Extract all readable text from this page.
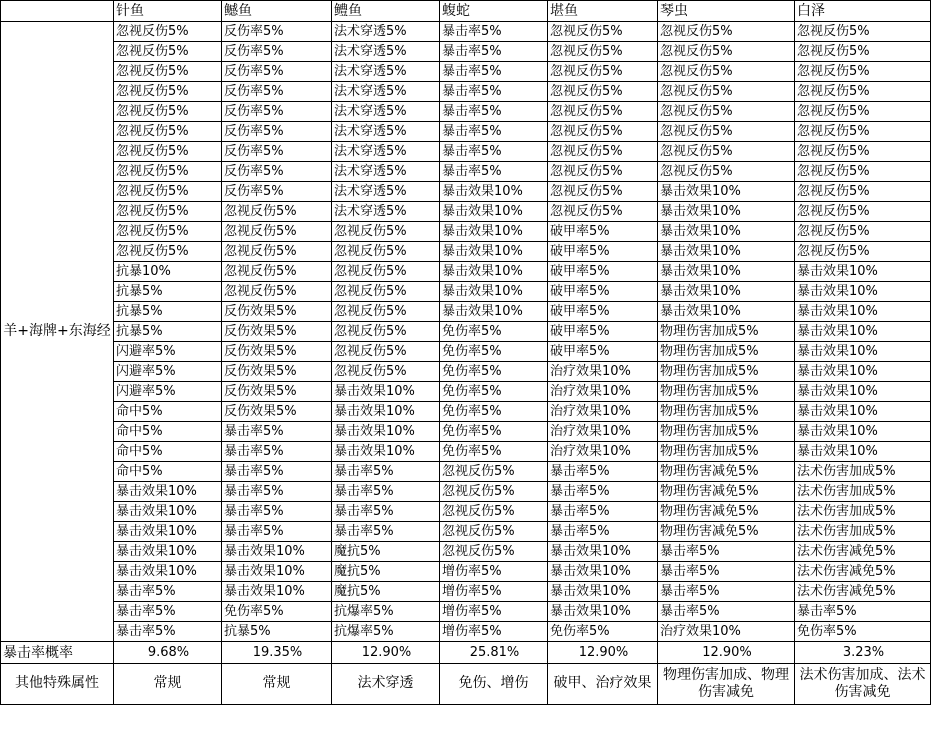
	针鱼	鳡鱼	鳢鱼	蝮蛇	堪鱼	琴虫	白泽
羊+海牌+东海经	忽视反伤5%	反伤率5%	法术穿透5%	暴击率5%	忽视反伤5%	忽视反伤5%	忽视反伤5%
	忽视反伤5%	反伤率5%	法术穿透5%	暴击率5%	忽视反伤5%	忽视反伤5%	忽视反伤5%
	忽视反伤5%	反伤率5%	法术穿透5%	暴击率5%	忽视反伤5%	忽视反伤5%	忽视反伤5%
	忽视反伤5%	反伤率5%	法术穿透5%	暴击率5%	忽视反伤5%	忽视反伤5%	忽视反伤5%
	忽视反伤5%	反伤率5%	法术穿透5%	暴击率5%	忽视反伤5%	忽视反伤5%	忽视反伤5%
	忽视反伤5%	反伤率5%	法术穿透5%	暴击率5%	忽视反伤5%	忽视反伤5%	忽视反伤5%
	忽视反伤5%	反伤率5%	法术穿透5%	暴击率5%	忽视反伤5%	忽视反伤5%	忽视反伤5%
	忽视反伤5%	反伤率5%	法术穿透5%	暴击率5%	忽视反伤5%	忽视反伤5%	忽视反伤5%
	忽视反伤5%	反伤率5%	法术穿透5%	暴击效果10%	忽视反伤5%	暴击效果10%	忽视反伤5%
	忽视反伤5%	忽视反伤5%	法术穿透5%	暴击效果10%	忽视反伤5%	暴击效果10%	忽视反伤5%
	忽视反伤5%	忽视反伤5%	忽视反伤5%	暴击效果10%	破甲率5%	暴击效果10%	忽视反伤5%
	忽视反伤5%	忽视反伤5%	忽视反伤5%	暴击效果10%	破甲率5%	暴击效果10%	忽视反伤5%
	抗暴10%	忽视反伤5%	忽视反伤5%	暴击效果10%	破甲率5%	暴击效果10%	暴击效果10%
	抗暴5%	忽视反伤5%	忽视反伤5%	暴击效果10%	破甲率5%	暴击效果10%	暴击效果10%
	抗暴5%	反伤效果5%	忽视反伤5%	暴击效果10%	破甲率5%	暴击效果10%	暴击效果10%
	抗暴5%	反伤效果5%	忽视反伤5%	免伤率5%	破甲率5%	物理伤害加成5%	暴击效果10%
	闪避率5%	反伤效果5%	忽视反伤5%	免伤率5%	破甲率5%	物理伤害加成5%	暴击效果10%
	闪避率5%	反伤效果5%	忽视反伤5%	免伤率5%	治疗效果10%	物理伤害加成5%	暴击效果10%
	闪避率5%	反伤效果5%	暴击效果10%	免伤率5%	治疗效果10%	物理伤害加成5%	暴击效果10%
	命中5%	反伤效果5%	暴击效果10%	免伤率5%	治疗效果10%	物理伤害加成5%	暴击效果10%
	命中5%	暴击率5%	暴击效果10%	免伤率5%	治疗效果10%	物理伤害加成5%	暴击效果10%
	命中5%	暴击率5%	暴击效果10%	免伤率5%	治疗效果10%	物理伤害加成5%	暴击效果10%
	命中5%	暴击率5%	暴击率5%	忽视反伤5%	暴击率5%	物理伤害减免5%	法术伤害加成5%
	暴击效果10%	暴击率5%	暴击率5%	忽视反伤5%	暴击率5%	物理伤害减免5%	法术伤害加成5%
	暴击效果10%	暴击率5%	暴击率5%	忽视反伤5%	暴击率5%	物理伤害减免5%	法术伤害加成5%
	暴击效果10%	暴击率5%	暴击率5%	忽视反伤5%	暴击率5%	物理伤害减免5%	法术伤害加成5%
	暴击效果10%	暴击效果10%	魔抗5%	忽视反伤5%	暴击效果10%	暴击率5%	法术伤害减免5%
	暴击效果10%	暴击效果10%	魔抗5%	增伤率5%	暴击效果10%	暴击率5%	法术伤害减免5%
	暴击率5%	暴击效果10%	魔抗5%	增伤率5%	暴击效果10%	暴击率5%	法术伤害减免5%
	暴击率5%	免伤率5%	抗爆率5%	增伤率5%	暴击效果10%	暴击率5%	暴击率5%
	暴击率5%	抗暴5%	抗爆率5%	增伤率5%	免伤率5%	治疗效果10%	免伤率5%
暴击率概率	9.68%	19.35%	12.90%	25.81%	12.90%	12.90%	3.23%
其他特殊属性	常规	常规	法术穿透	免伤、增伤	破甲、治疗效果	物理伤害加成、物理伤害减免	法术伤害加成、法术伤害减免
